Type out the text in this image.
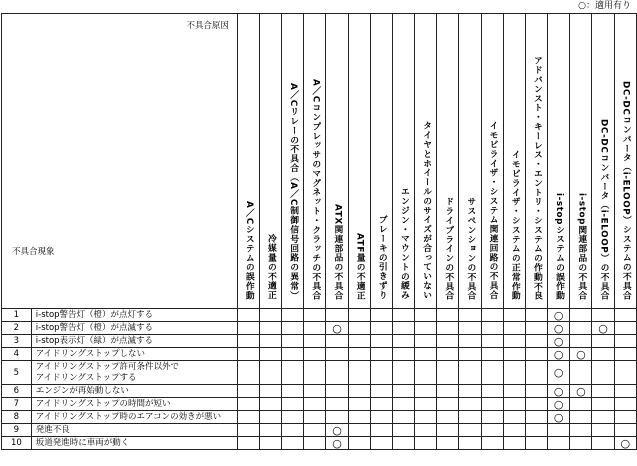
○：適用有り
不具合原因
不具合現象		A／Cシステムの誤作動	冷媒量の不適正	A／Cリレーの不具合（A／C制御信号回路の異常）	A／Cコンプレッサのマグネット・クラッチの不具合	ATX関連部品の不具合	ATF量の不適正	ブレーキの引きずり	エンジン・マウントの緩み	タイヤとホイールのサイズが合っていない	ドライブラインの不具合	サスペンションの不具合	イモビライザ・システム関連回路の不具合	イモビライザ・システムの正常作動	アドバンスト・キーレス・エントリ・システムの作動不良	i-stopシステムの誤作動	i-stop関連部品の不具合	DC-DCコンバータ（i-ELOOP）の不具合	DC-DCコンバータ（i-ELOOP）システムの不具合
1	i-stop警告灯（橙）が点灯する															○			
2	i-stop警告灯（橙）が点滅する					○										○		○	
3	i-stop表示灯（緑）が点滅する															○			
4	アイドリングストップしない															○	○		
5	アイドリングストップ許可条件以外で
アイドリングストップする															○			
6	エンジンが再始動しない															○	○		
7	アイドリングストップの時間が短い															○			
8	アイドリングストップ時のエアコンの効きが悪い															○			
9	発進不良					○													
10	坂道発進時に車両が動く					○													○
